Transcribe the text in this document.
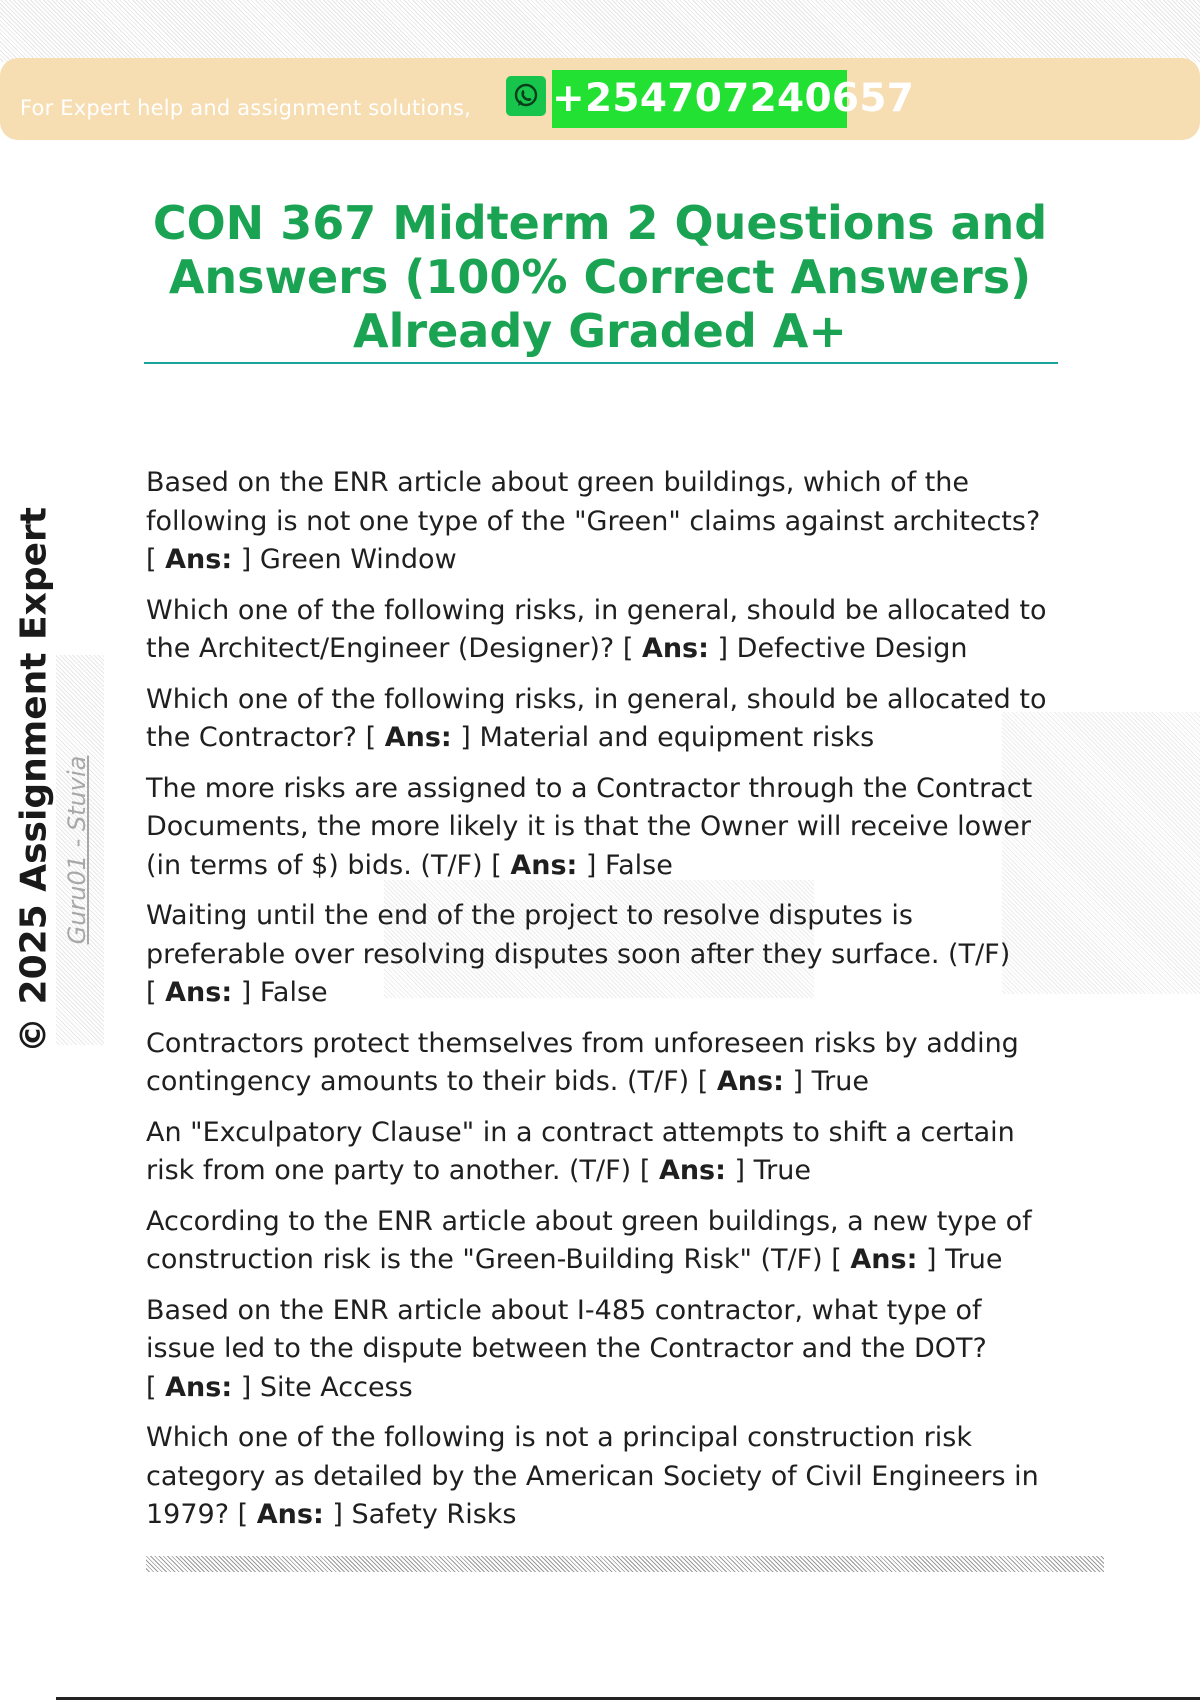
For Expert help and assignment solutions, +254707240657
CON 367 Midterm 2 Questions and Answers (100% Correct Answers) Already Graded A+
© 2025 Assignment Expert Guru01 - Stuvia

Based on the ENR article about green buildings, which of the following is not one type of the "Green" claims against architects? [ Ans: ] Green Window

Which one of the following risks, in general, should be allocated to the Architect/Engineer (Designer)? [ Ans: ] Defective Design

Which one of the following risks, in general, should be allocated to the Contractor? [ Ans: ] Material and equipment risks

The more risks are assigned to a Contractor through the Contract Documents, the more likely it is that the Owner will receive lower (in terms of $) bids. (T/F) [ Ans: ] False

Waiting until the end of the project to resolve disputes is preferable over resolving disputes soon after they surface. (T/F) [ Ans: ] False

Contractors protect themselves from unforeseen risks by adding contingency amounts to their bids. (T/F) [ Ans: ] True

An "Exculpatory Clause" in a contract attempts to shift a certain risk from one party to another. (T/F) [ Ans: ] True

According to the ENR article about green buildings, a new type of construction risk is the "Green-Building Risk" (T/F) [ Ans: ] True

Based on the ENR article about I-485 contractor, what type of issue led to the dispute between the Contractor and the DOT? [ Ans: ] Site Access

Which one of the following is not a principal construction risk category as detailed by the American Society of Civil Engineers in 1979? [ Ans: ] Safety Risks
